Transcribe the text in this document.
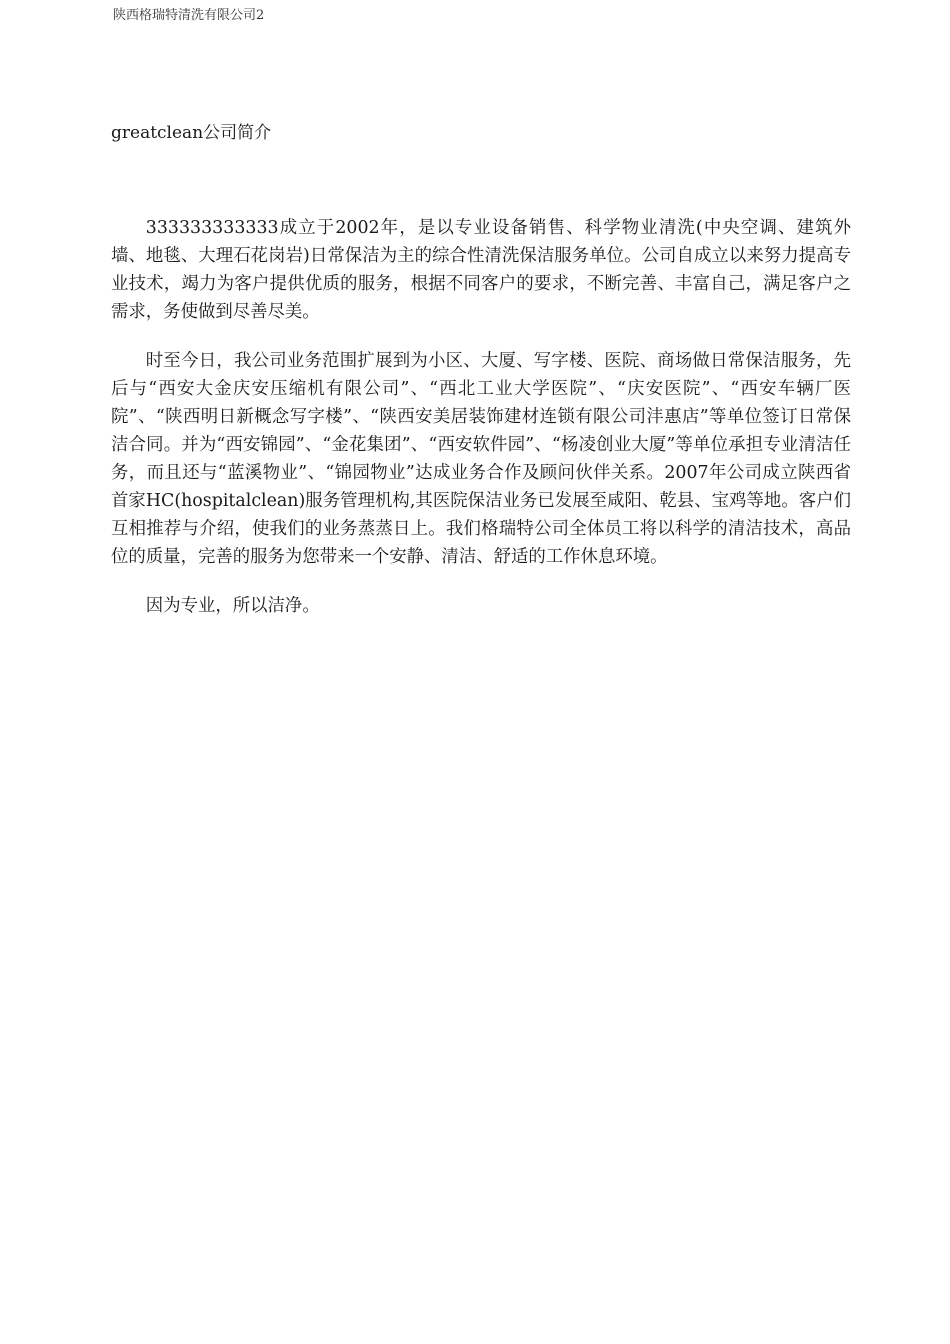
陕西格瑞特清洗有限公司2
greatclean公司简介

333333333333成立于2002年，是以专业设备销售、科学物业清洗(中央空调、建筑外墙、地毯、大理石花岗岩)日常保洁为主的综合性清洗保洁服务单位。公司自成立以来努力提高专业技术，竭力为客户提供优质的服务，根据不同客户的要求，不断完善、丰富自己，满足客户之需求，务使做到尽善尽美。

时至今日，我公司业务范围扩展到为小区、大厦、写字楼、医院、商场做日常保洁服务，先后与“西安大金庆安压缩机有限公司”、“西北工业大学医院”、“庆安医院”、“西安车辆厂医院”、“陕西明日新概念写字楼”、“陕西安美居装饰建材连锁有限公司沣惠店”等单位签订日常保洁合同。并为“西安锦园”、“金花集团”、“西安软件园”、“杨凌创业大厦”等单位承担专业清洁任务，而且还与“蓝溪物业”、“锦园物业”达成业务合作及顾问伙伴关系。2007年公司成立陕西省首家HC(hospitalclean)服务管理机构,其医院保洁业务已发展至咸阳、乾县、宝鸡等地。客户们互相推荐与介绍，使我们的业务蒸蒸日上。我们格瑞特公司全体员工将以科学的清洁技术，高品位的质量，完善的服务为您带来一个安静、清洁、舒适的工作休息环境。

因为专业，所以洁净。
